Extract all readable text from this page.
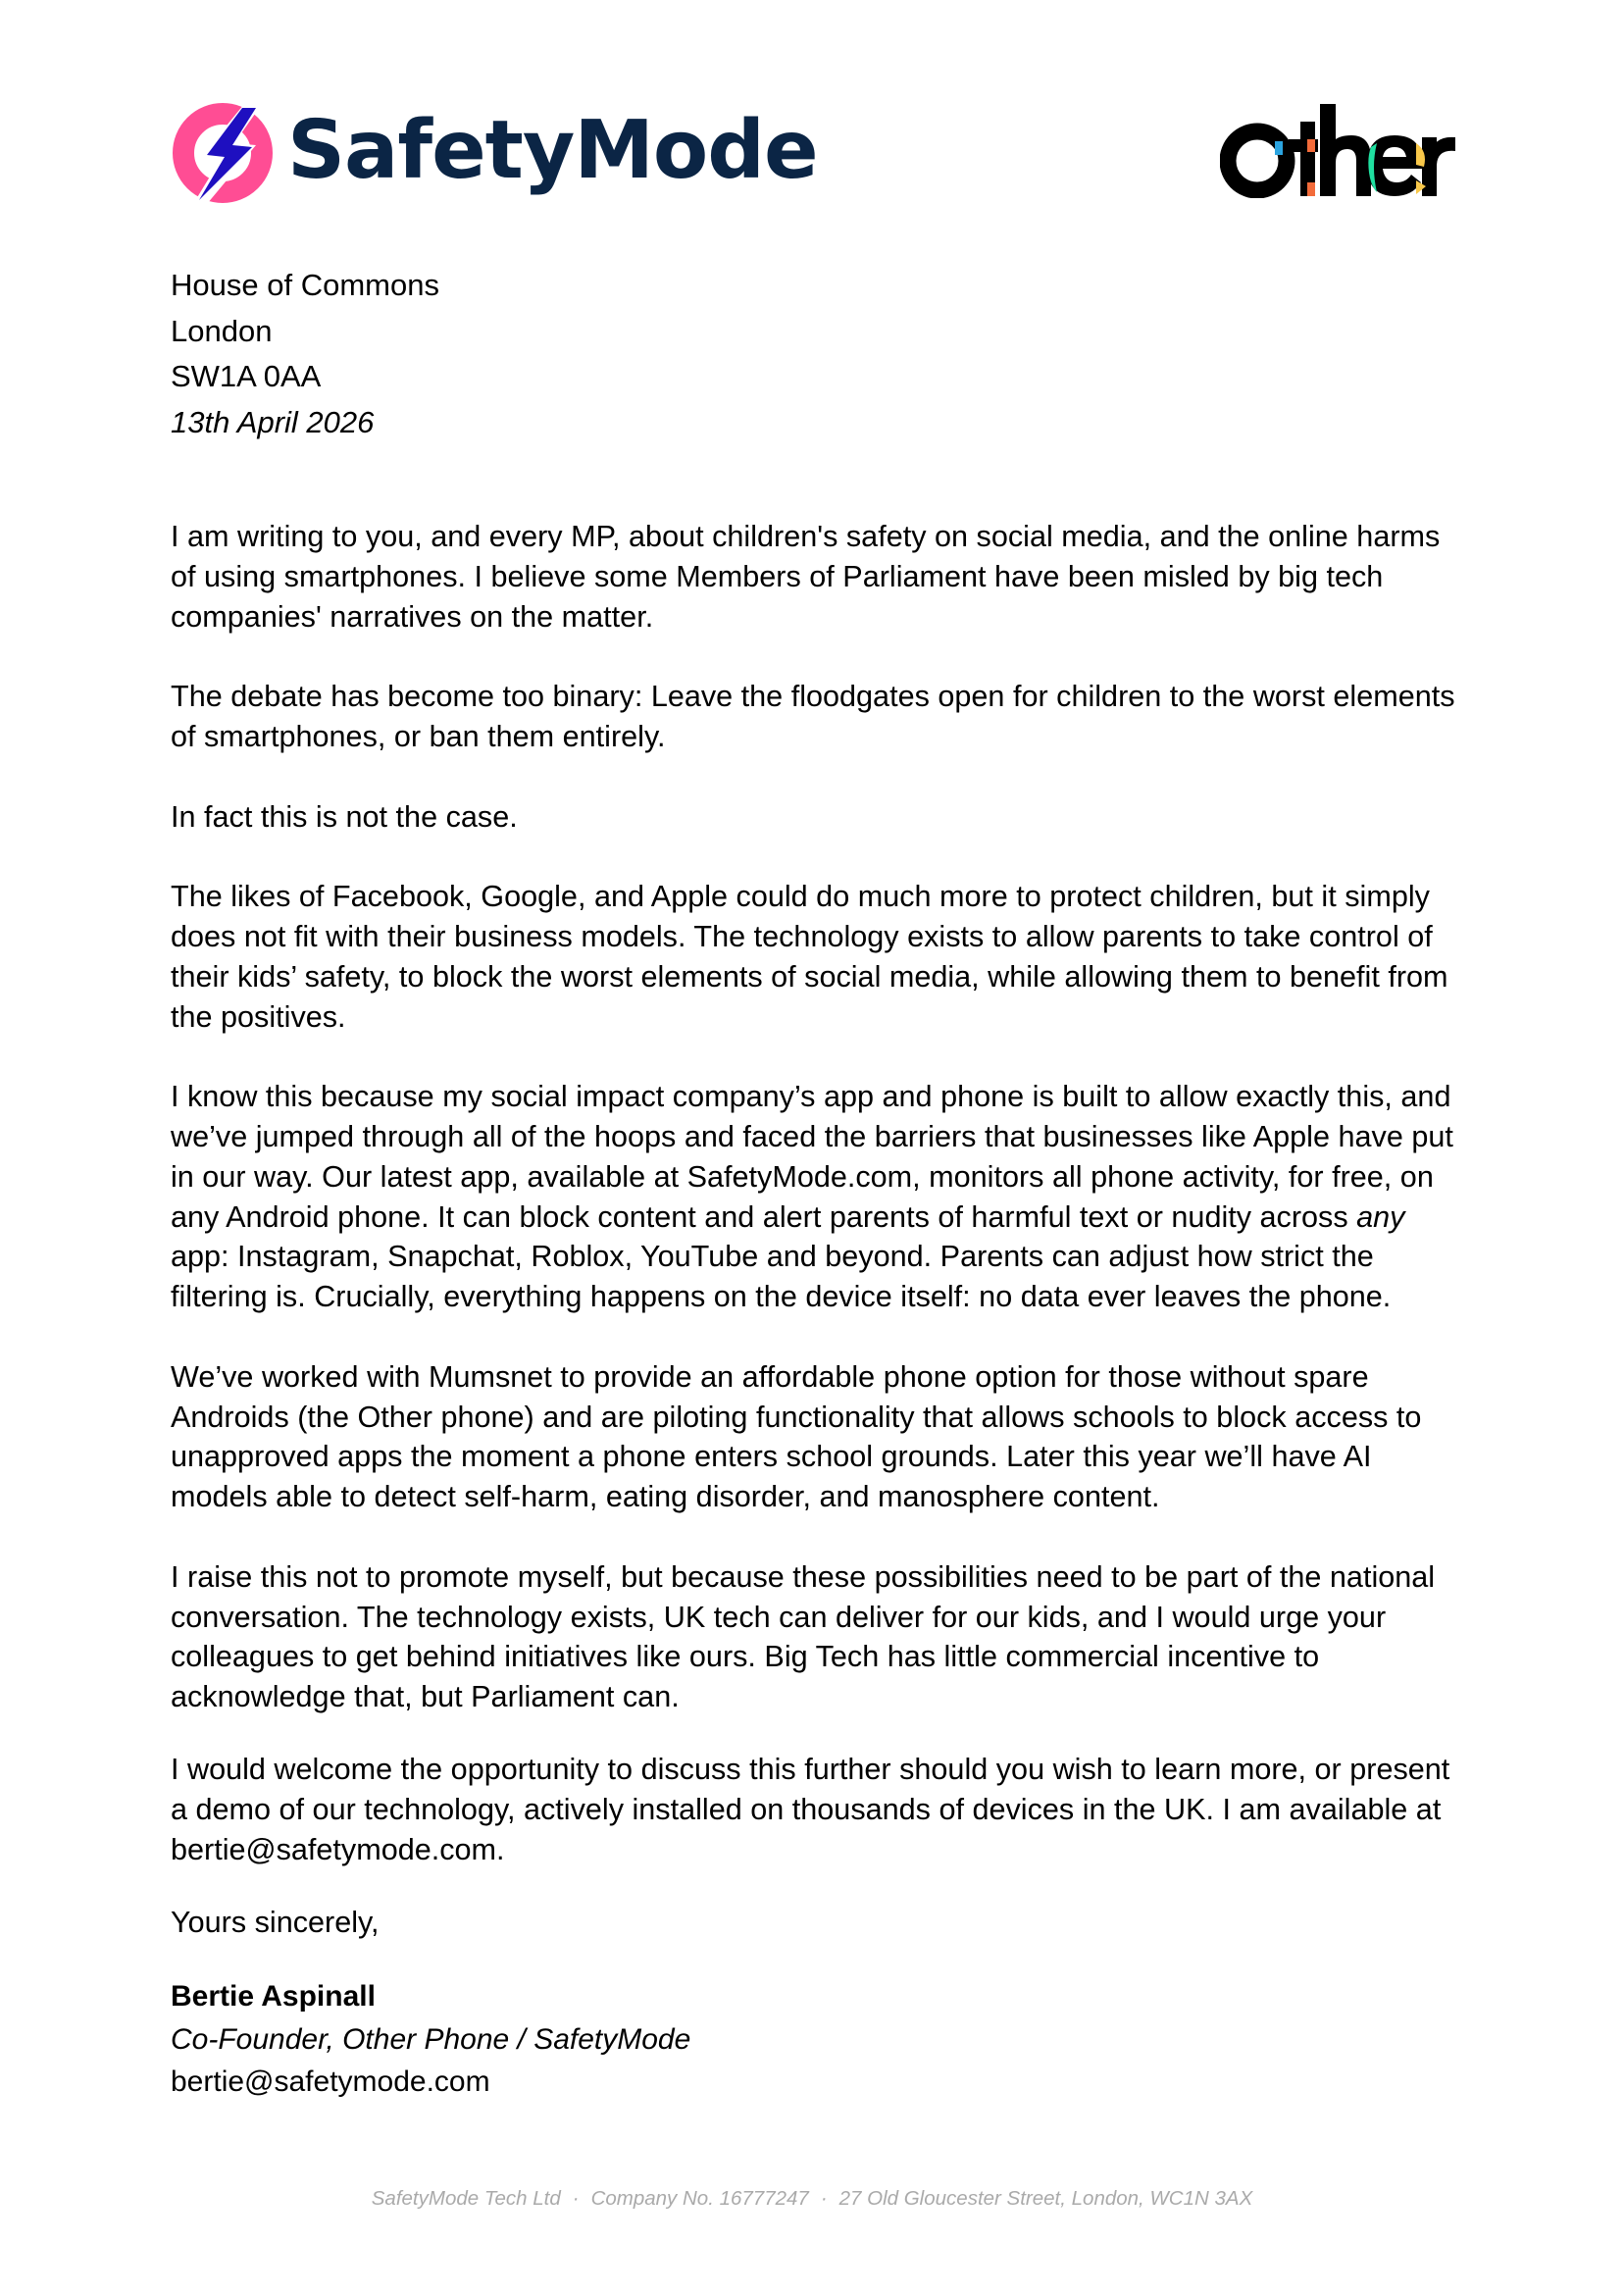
SafetyMode
House of Commons
London
SW1A 0AA
13th April 2026

I am writing to you, and every MP, about children's safety on social media, and the online harms
of using smartphones. I believe some Members of Parliament have been misled by big tech
companies' narratives on the matter.

The debate has become too binary: Leave the floodgates open for children to the worst elements
of smartphones, or ban them entirely.

In fact this is not the case.

The likes of Facebook, Google, and Apple could do much more to protect children, but it simply
does not fit with their business models. The technology exists to allow parents to take control of
their kids’ safety, to block the worst elements of social media, while allowing them to benefit from
the positives.

I know this because my social impact company’s app and phone is built to allow exactly this, and
we’ve jumped through all of the hoops and faced the barriers that businesses like Apple have put
in our way. Our latest app, available at SafetyMode.com, monitors all phone activity, for free, on
any Android phone. It can block content and alert parents of harmful text or nudity across any
app: Instagram, Snapchat, Roblox, YouTube and beyond. Parents can adjust how strict the
filtering is. Crucially, everything happens on the device itself: no data ever leaves the phone.

We’ve worked with Mumsnet to provide an affordable phone option for those without spare
Androids (the Other phone) and are piloting functionality that allows schools to block access to
unapproved apps the moment a phone enters school grounds. Later this year we’ll have AI
models able to detect self-harm, eating disorder, and manosphere content.

I raise this not to promote myself, but because these possibilities need to be part of the national
conversation. The technology exists, UK tech can deliver for our kids, and I would urge your
colleagues to get behind initiatives like ours. Big Tech has little commercial incentive to
acknowledge that, but Parliament can.

I would welcome the opportunity to discuss this further should you wish to learn more, or present
a demo of our technology, actively installed on thousands of devices in the UK. I am available at
bertie@safetymode.com.

Yours sincerely,
Bertie Aspinall
Co-Founder, Other Phone / SafetyMode
bertie@safetymode.com
SafetyMode Tech Ltd · Company No. 16777247 · 27 Old Gloucester Street, London, WC1N 3AX
